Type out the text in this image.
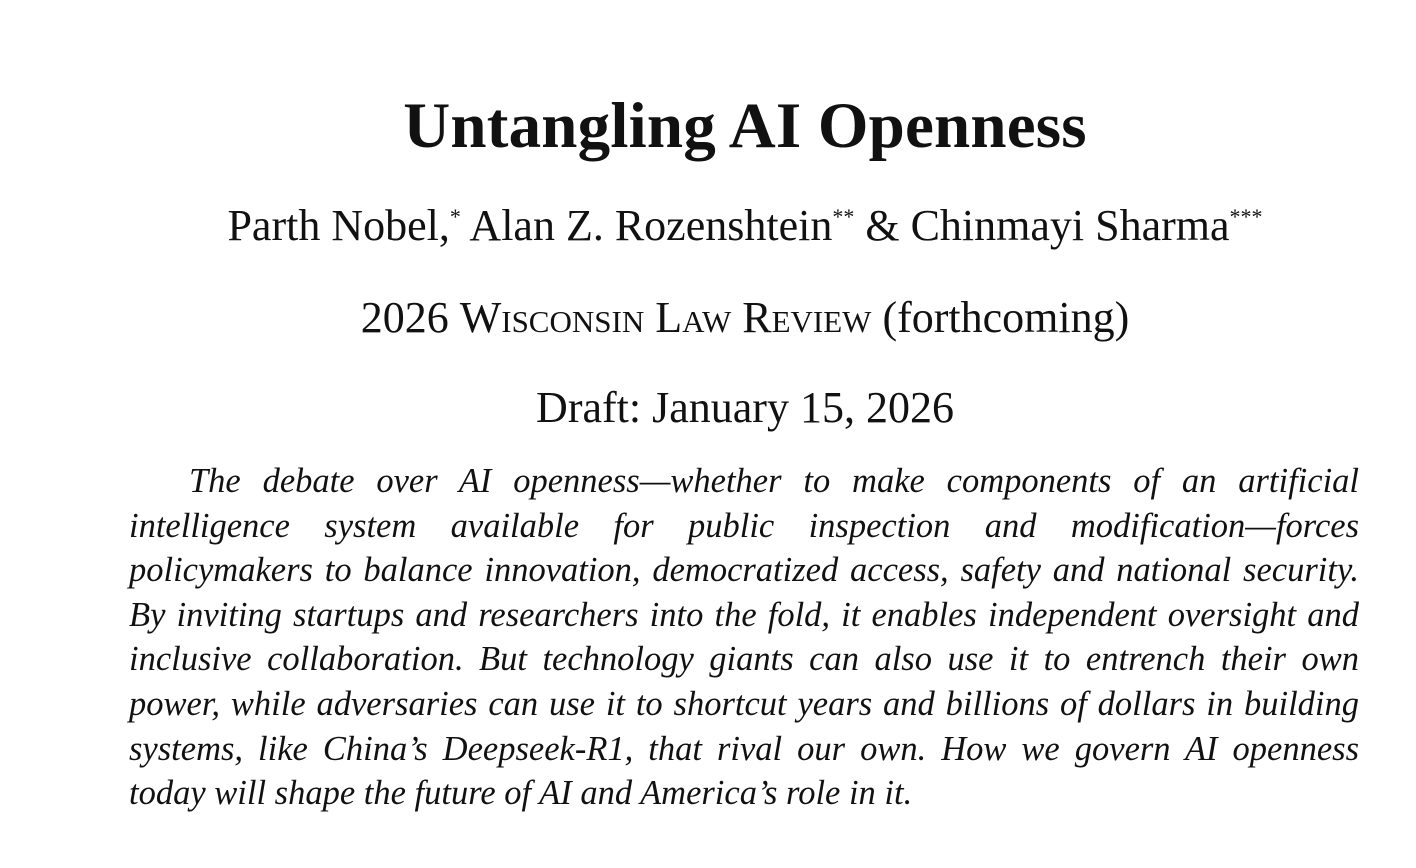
Untangling AI Openness
Parth Nobel,* Alan Z. Rozenshtein** & Chinmayi Sharma***
2026 Wisconsin Law Review (forthcoming)
Draft: January 15, 2026

The debate over AI openness—whether to make components of an artificial intelligence system available for public inspection and modification—forces policymakers to balance innovation, democratized access, safety and national security. By inviting startups and researchers into the fold, it enables independent oversight and inclusive collaboration. But technology giants can also use it to entrench their own power, while adversaries can use it to shortcut years and billions of dollars in building systems, like China’s Deepseek-R1, that rival our own. How we govern AI openness today will shape the future of AI and America’s role in it.
